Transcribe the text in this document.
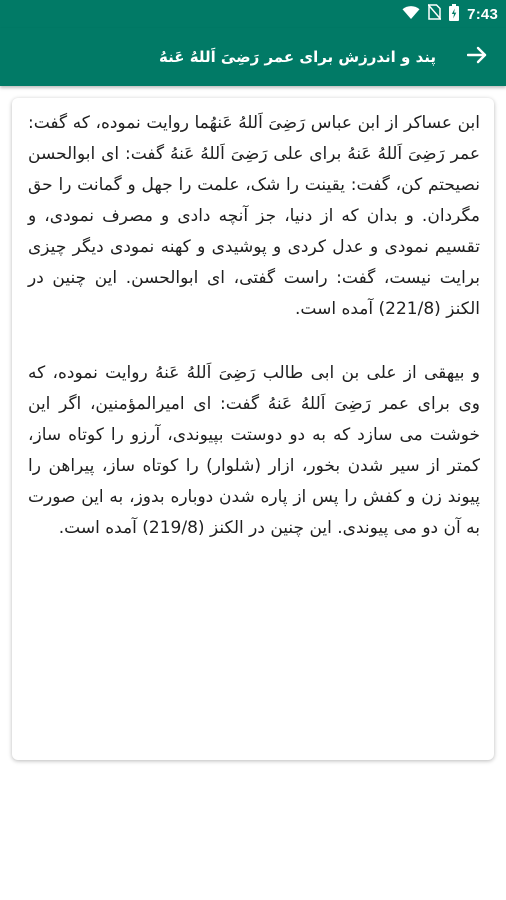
7:43
پند و اندرزش برای عمر رَضِیَ اَللهُ عَنهُ

ابن عساکر از ابن عباس رَضِیَ اَللهُ عَنهُما روایت نموده، که گفت: عمر رَضِیَ اَللهُ عَنهُ برای علی رَضِیَ اَللهُ عَنهُ گفت: ای ابوالحسن نصیحتم کن، گفت: یقینت را شک، علمت را جهل و گمانت را حق مگردان. و بدان که از دنیا، جز آنچه دادی و مصرف نمودی، و تقسیم نمودی و عدل کردی و پوشیدی و کهنه نمودی دیگر چیزی برایت نیست، گفت: راست گفتی، ای ابوالحسن. این چنین در الکنز (221/8) آمده است.

و بیهقی از علی بن ابی طالب رَضِیَ اَللهُ عَنهُ روایت نموده، که وی برای عمر رَضِیَ اَللهُ عَنهُ گفت: ای امیرالمؤمنین، اگر این خوشت می سازد که به دو دوستت بپیوندی، آرزو را کوتاه ساز، کمتر از سیر شدن بخور، ازار (شلوار) را کوتاه ساز، پیراهن را پیوند زن و کفش را پس از پاره شدن دوباره بدوز، به این صورت به آن دو می پیوندی. این چنین در الکنز (219/8) آمده است.
